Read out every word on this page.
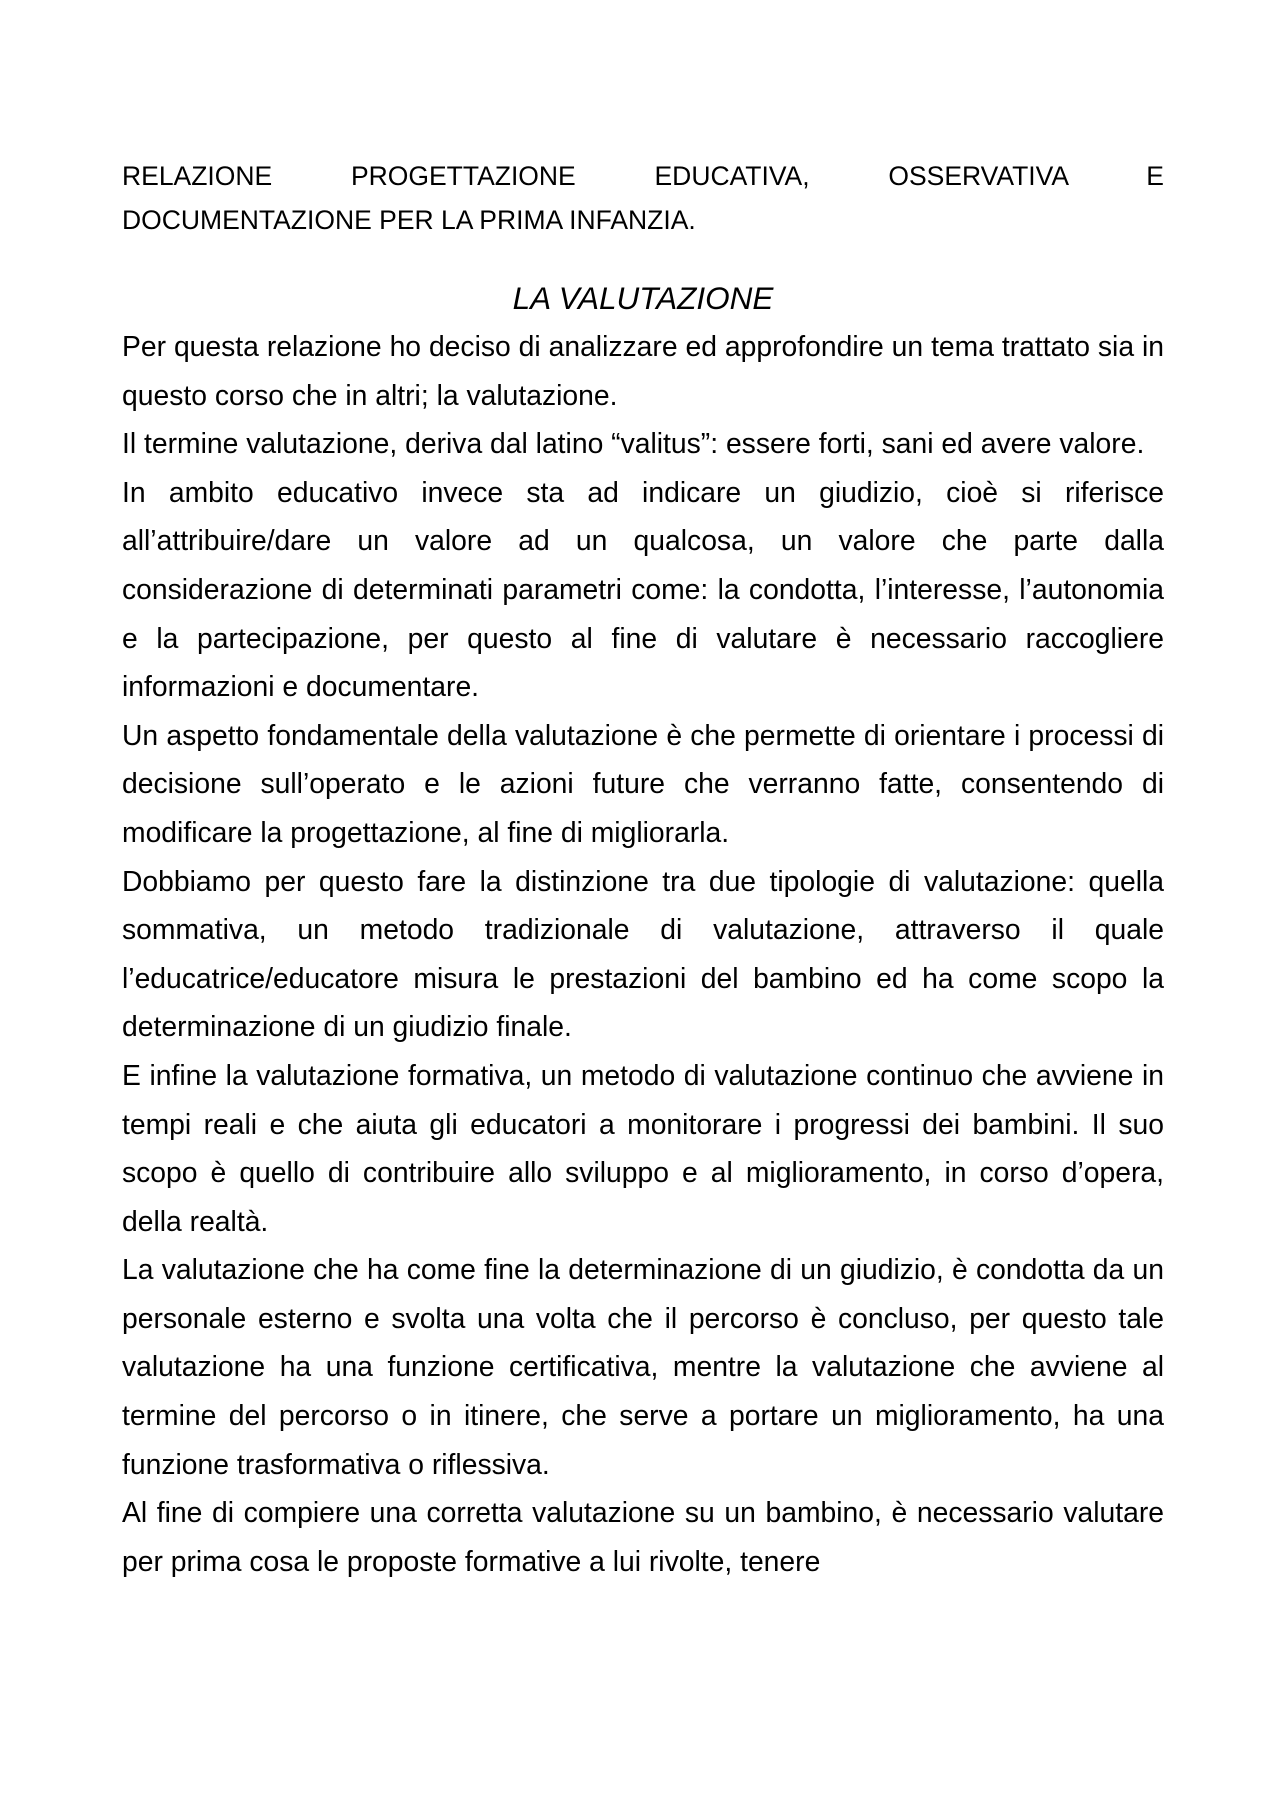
RELAZIONE PROGETTAZIONE EDUCATIVA, OSSERVATIVA E
DOCUMENTAZIONE PER LA PRIMA INFANZIA.
LA VALUTAZIONE

Per questa relazione ho deciso di analizzare ed approfondire un tema trattato sia in questo corso che in altri; la valutazione.

Il termine valutazione, deriva dal latino “valitus”: essere forti, sani ed avere valore.

In ambito educativo invece sta ad indicare un giudizio, cioè si riferisce all’attribuire/dare un valore ad un qualcosa, un valore che parte dalla considerazione di determinati parametri come: la condotta, l’interesse, l’autonomia e la partecipazione, per questo al fine di valutare è necessario raccogliere informazioni e documentare.

Un aspetto fondamentale della valutazione è che permette di orientare i processi di decisione sull’operato e le azioni future che verranno fatte, consentendo di modificare la progettazione, al fine di migliorarla.

Dobbiamo per questo fare la distinzione tra due tipologie di valutazione: quella sommativa, un metodo tradizionale di valutazione, attraverso il quale l’educatrice/educatore misura le prestazioni del bambino ed ha come scopo la determinazione di un giudizio finale.

E infine la valutazione formativa, un metodo di valutazione continuo che avviene in tempi reali e che aiuta gli educatori a monitorare i progressi dei bambini. Il suo scopo è quello di contribuire allo sviluppo e al miglioramento, in corso d’opera, della realtà.

La valutazione che ha come fine la determinazione di un giudizio, è condotta da un personale esterno e svolta una volta che il percorso è concluso, per questo tale valutazione ha una funzione certificativa, mentre la valutazione che avviene al termine del percorso o in itinere, che serve a portare un miglioramento, ha una funzione trasformativa o riflessiva.

Al fine di compiere una corretta valutazione su un bambino, è necessario valutare per prima cosa le proposte formative a lui rivolte, tenere
